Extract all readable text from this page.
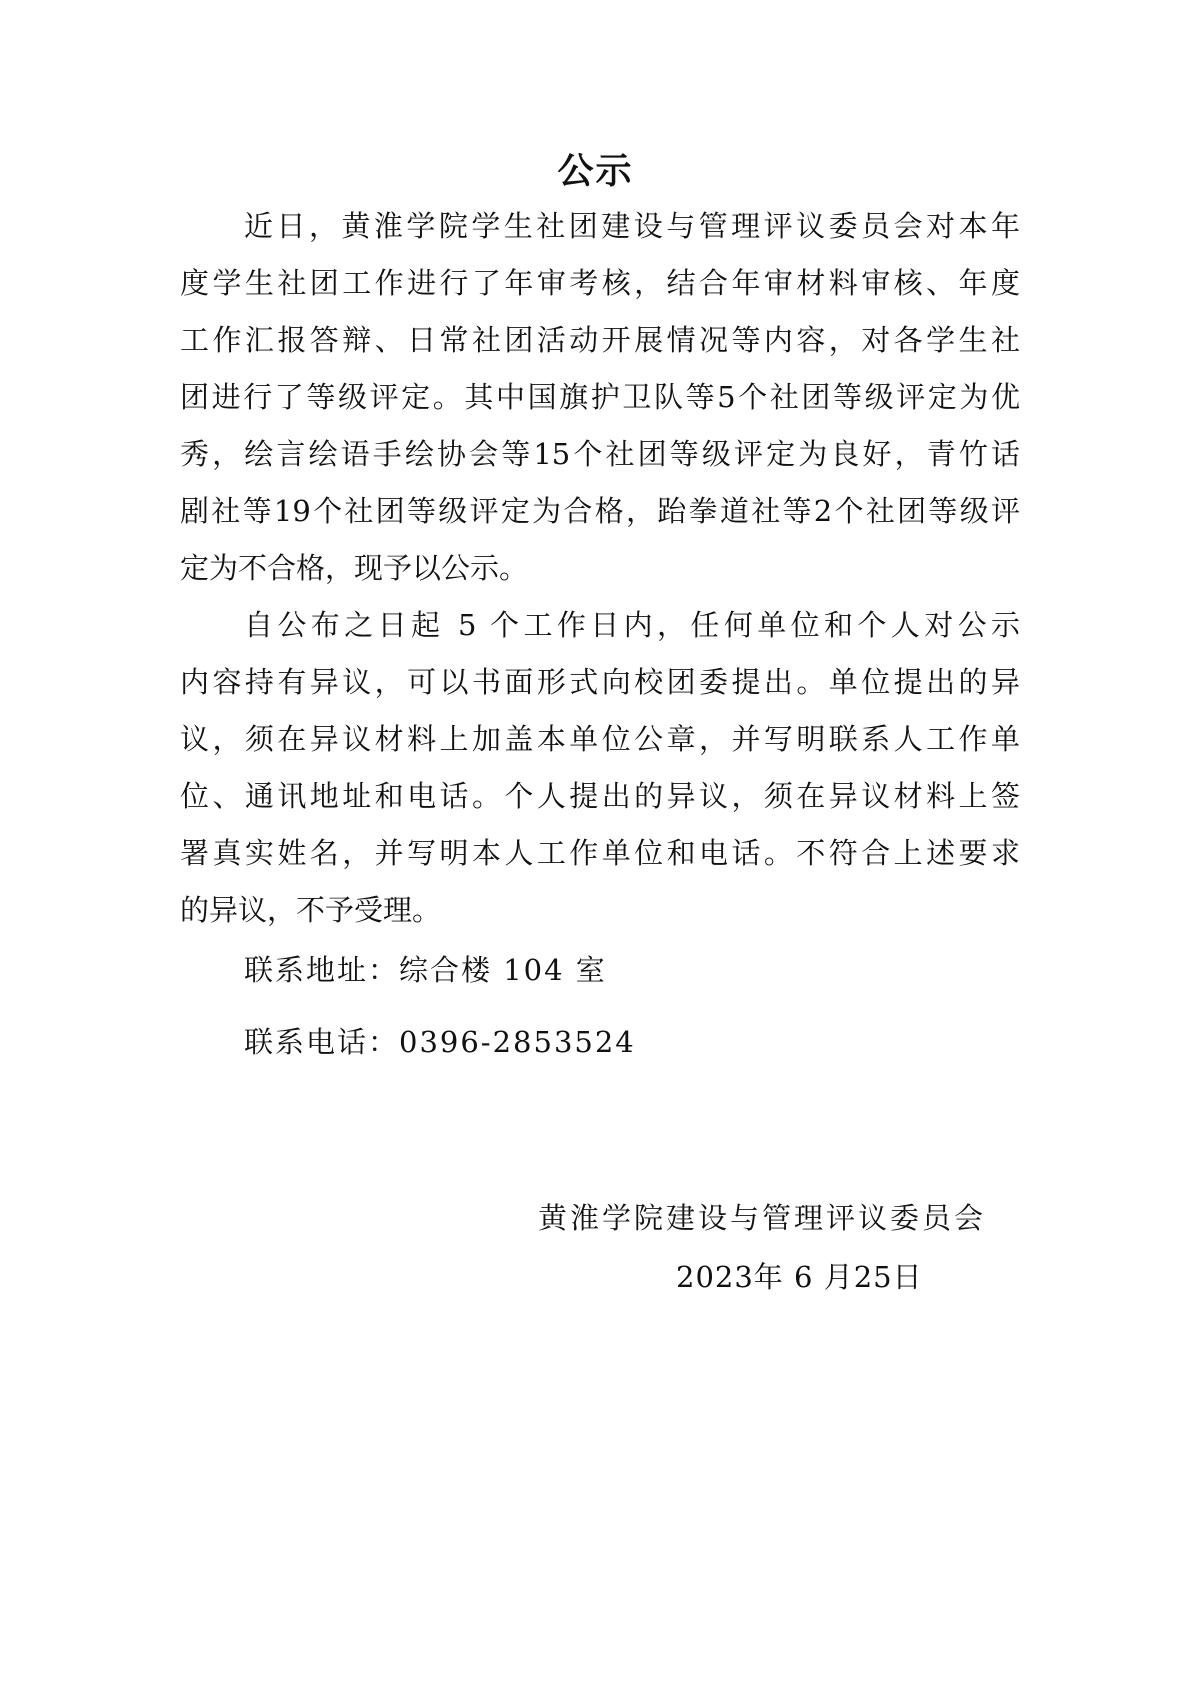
公示
近日，黄淮学院学生社团建设与管理评议委员会对本年
度学生社团工作进行了年审考核，结合年审材料审核、年度
工作汇报答辩、日常社团活动开展情况等内容，对各学生社
团进行了等级评定。其中国旗护卫队等5个社团等级评定为优
秀，绘言绘语手绘协会等15个社团等级评定为良好，青竹话
剧社等19个社团等级评定为合格，跆拳道社等2个社团等级评
定为不合格，现予以公示。
自公布之日起 5 个工作日内，任何单位和个人对公示
内容持有异议，可以书面形式向校团委提出。单位提出的异
议，须在异议材料上加盖本单位公章，并写明联系人工作单
位、通讯地址和电话。个人提出的异议，须在异议材料上签
署真实姓名，并写明本人工作单位和电话。不符合上述要求
的异议，不予受理。
联系地址：综合楼 104 室
联系电话：0396-2853524
黄淮学院建设与管理评议委员会
2023年 6 月25日
